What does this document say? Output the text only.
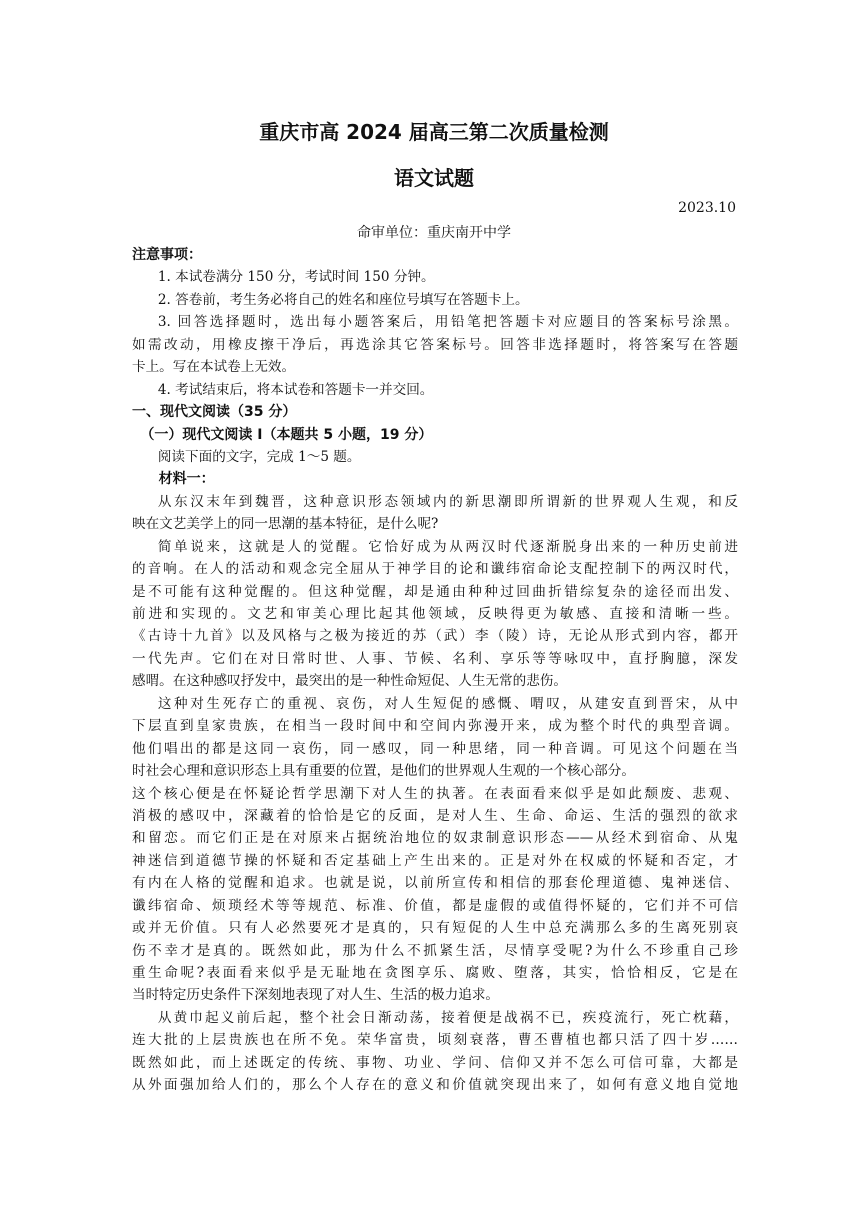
重庆市高 2024 届高三第二次质量检测
语文试题
2023.10
命审单位：重庆南开中学
注意事项：
1. 本试卷满分 150 分，考试时间 150 分钟。
2. 答卷前，考生务必将自己的姓名和座位号填写在答题卡上。
3. 回答选择题时，选出每小题答案后，用铅笔把答题卡对应题目的答案标号涂黑。
如需改动，用橡皮擦干净后，再选涂其它答案标号。回答非选择题时，将答案写在答题
卡上。写在本试卷上无效。
4. 考试结束后，将本试卷和答题卡一并交回。
一、现代文阅读（35 分）
（一）现代文阅读 I（本题共 5 小题，19 分）
阅读下面的文字，完成 1～5 题。
材料一：
从东汉末年到魏晋，这种意识形态领域内的新思潮即所谓新的世界观人生观，和反
映在文艺美学上的同一思潮的基本特征，是什么呢?
简单说来，这就是人的觉醒。它恰好成为从两汉时代逐渐脱身出来的一种历史前进
的音响。在人的活动和观念完全屈从于神学目的论和谶纬宿命论支配控制下的两汉时代，
是不可能有这种觉醒的。但这种觉醒，却是通由种种过回曲折错综复杂的途径而出发、
前进和实现的。文艺和审美心理比起其他领域，反映得更为敏感、直接和清晰一些。
《古诗十九首》以及风格与之极为接近的苏（武）李（陵）诗，无论从形式到内容，都开
一代先声。它们在对日常时世、人事、节候、名利、享乐等等咏叹中，直抒胸臆，深发
感喟。在这种感叹抒发中，最突出的是一种性命短促、人生无常的悲伤。
这种对生死存亡的重视、哀伤，对人生短促的感慨、喟叹，从建安直到晋宋，从中
下层直到皇家贵族，在相当一段时间中和空间内弥漫开来，成为整个时代的典型音调。
他们唱出的都是这同一哀伤，同一感叹，同一种思绪，同一种音调。可见这个问题在当
时社会心理和意识形态上具有重要的位置，是他们的世界观人生观的一个核心部分。
这个核心便是在怀疑论哲学思潮下对人生的执著。在表面看来似乎是如此颓废、悲观、
消极的感叹中，深藏着的恰恰是它的反面，是对人生、生命、命运、生活的强烈的欲求
和留恋。而它们正是在对原来占据统治地位的奴隶制意识形态——从经术到宿命、从鬼
神迷信到道德节操的怀疑和否定基础上产生出来的。正是对外在权威的怀疑和否定，才
有内在人格的觉醒和追求。也就是说，以前所宣传和相信的那套伦理道德、鬼神迷信、
谶纬宿命、烦琐经术等等规范、标准、价值，都是虚假的或值得怀疑的，它们并不可信
或并无价值。只有人必然要死才是真的，只有短促的人生中总充满那么多的生离死别哀
伤不幸才是真的。既然如此，那为什么不抓紧生活，尽情享受呢?为什么不珍重自己珍
重生命呢?表面看来似乎是无耻地在贪图享乐、腐败、堕落，其实，恰恰相反，它是在
当时特定历史条件下深刻地表现了对人生、生活的极力追求。
从黄巾起义前后起，整个社会日渐动荡，接着便是战祸不已，疾疫流行，死亡枕藉，
连大批的上层贵族也在所不免。荣华富贵，顷刻衰落，曹丕曹植也都只活了四十岁……
既然如此，而上述既定的传统、事物、功业、学问、信仰又并不怎么可信可靠，大都是
从外面强加给人们的，那么个人存在的意义和价值就突现出来了，如何有意义地自觉地
